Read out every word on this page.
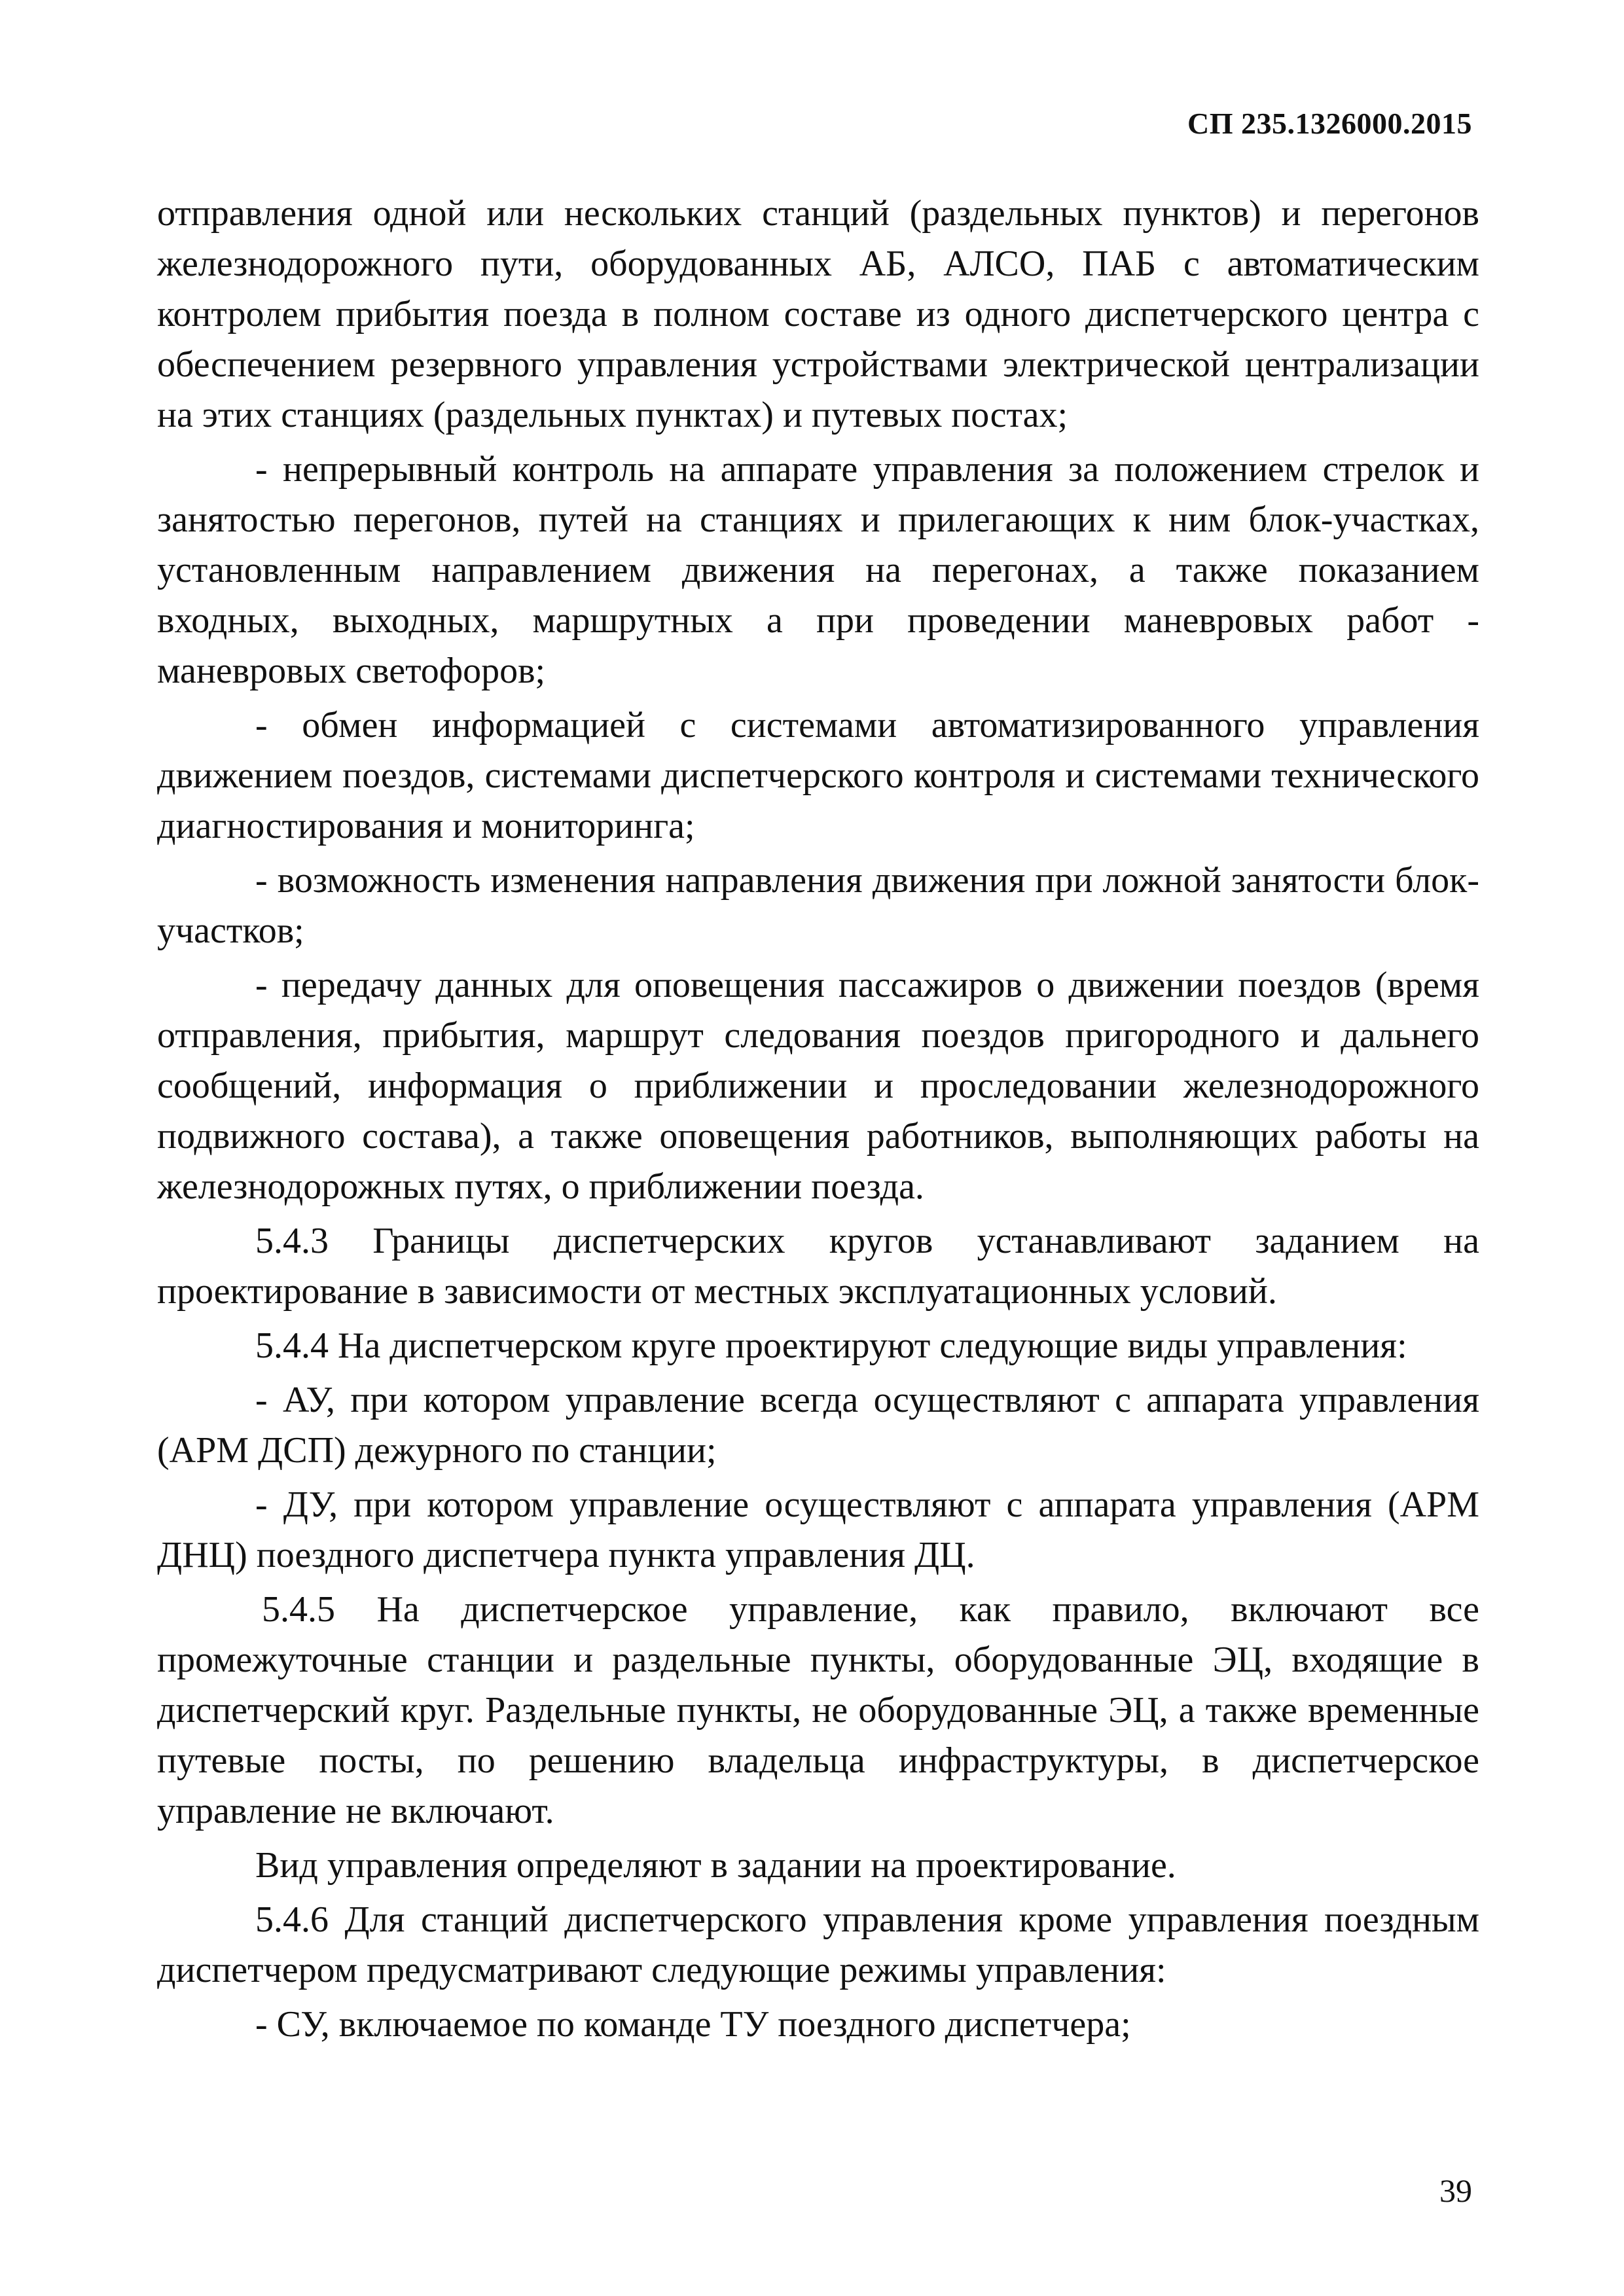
СП 235.1326000.2015

отправления одной или нескольких станций (раздельных пунктов) и перегонов железнодорожного пути, оборудованных АБ, АЛСО, ПАБ с автоматическим контролем прибытия поезда в полном составе из одного диспетчерского центра с обеспечением резервного управления устройствами электрической централизации на этих станциях (раздельных пунктах) и путевых постах;

- непрерывный контроль на аппарате управления за положением стрелок и занятостью перегонов, путей на станциях и прилегающих к ним блок-участках, установленным направлением движения на перегонах, а также показанием входных, выходных, маршрутных а при проведении маневровых работ - маневровых светофоров;

- обмен информацией с системами автоматизированного управления движением поездов, системами диспетчерского контроля и системами технического диагностирования и мониторинга;

- возможность изменения направления движения при ложной занятости блок-участков;

- передачу данных для оповещения пассажиров о движении поездов (время отправления, прибытия, маршрут следования поездов пригородного и дальнего сообщений, информация о приближении и проследовании железнодорожного подвижного состава), а также оповещения работников, выполняющих работы на железнодорожных путях, о приближении поезда.

5.4.3 Границы диспетчерских кругов устанавливают заданием на проектирование в зависимости от местных эксплуатационных условий.

5.4.4 На диспетчерском круге проектируют следующие виды управления:

- АУ, при котором управление всегда осуществляют с аппарата управления (АРМ ДСП) дежурного по станции;

- ДУ, при котором управление осуществляют с аппарата управления (АРМ ДНЦ) поездного диспетчера пункта управления ДЦ.

5.4.5 На диспетчерское управление, как правило, включают все промежуточные станции и раздельные пункты, оборудованные ЭЦ, входящие в диспетчерский круг. Раздельные пункты, не оборудованные ЭЦ, а также временные путевые посты, по решению владельца инфраструктуры, в диспетчерское управление не включают.

Вид управления определяют в задании на проектирование.

5.4.6 Для станций диспетчерского управления кроме управления поездным диспетчером предусматривают следующие режимы управления:

- СУ, включаемое по команде ТУ поездного диспетчера;

39
